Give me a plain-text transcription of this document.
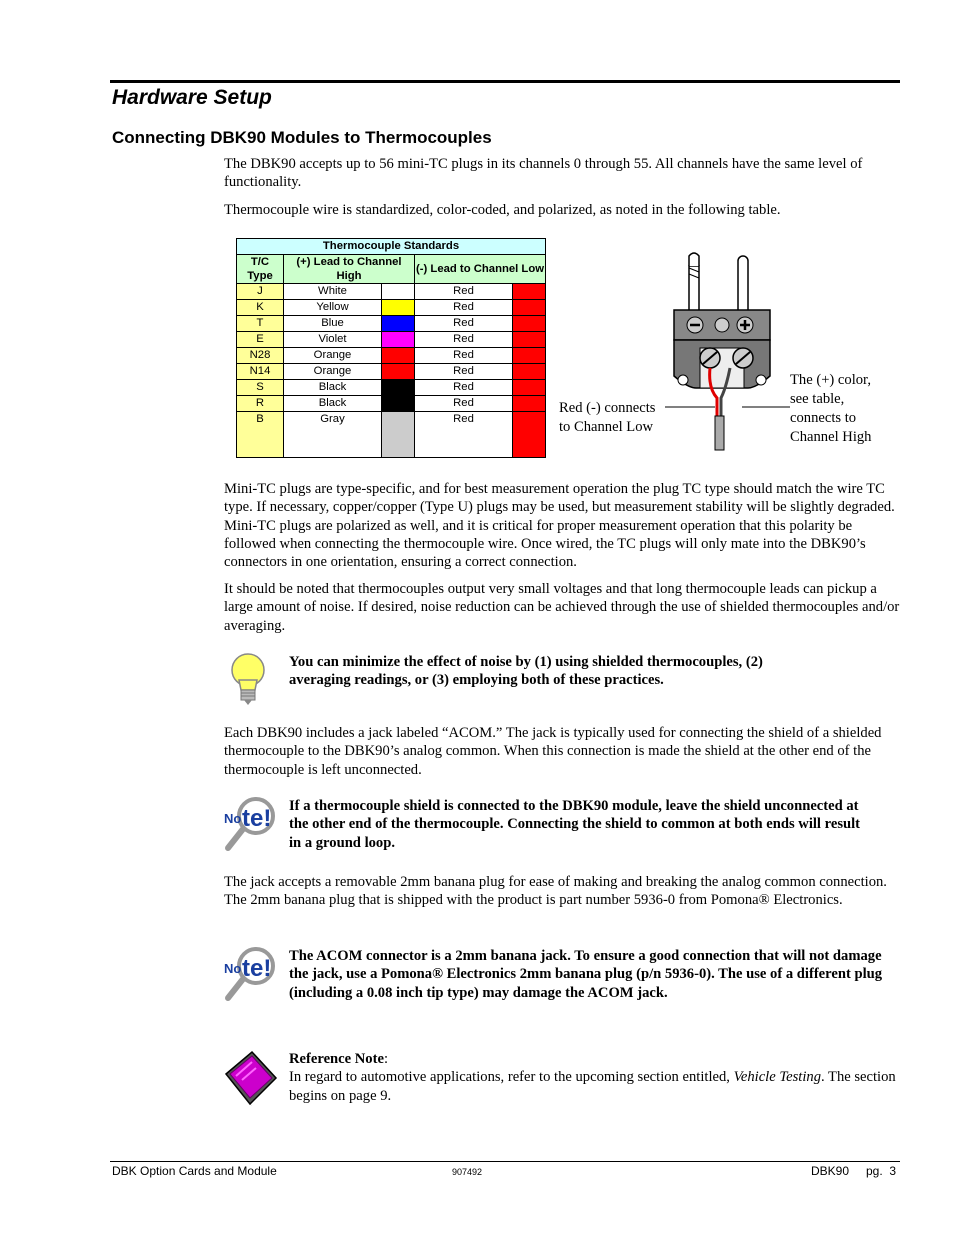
Hardware Setup
Connecting DBK90 Modules to Thermocouples

The DBK90 accepts up to 56 mini-TC plugs in its channels 0 through 55. All channels have the same level of functionality.

Thermocouple wire is standardized, color-coded, and polarized, as noted in the following table.

Thermocouple Standards				
T/C Type	(+) Lead to Channel High		(-) Lead to Channel Low	
J	White		Red	
K	Yellow		Red	
T	Blue		Red	
E	Violet		Red	
N28	Orange		Red	
N14	Orange		Red	
S	Black		Red	
R	Black		Red	
B	Gray		Red	
Red (-) connects to Channel Low
The (+) color, see table, connects to Channel High

Mini-TC plugs are type-specific, and for best measurement operation the plug TC type should match the wire TC type. If necessary, copper/copper (Type U) plugs may be used, but measurement stability will be slightly degraded. Mini-TC plugs are polarized as well, and it is critical for proper measurement operation that this polarity be followed when connecting the thermocouple wire. Once wired, the TC plugs will only mate into the DBK90’s connectors in one orientation, ensuring a correct connection.

It should be noted that thermocouples output very small voltages and that long thermocouple leads can pickup a large amount of noise. If desired, noise reduction can be achieved through the use of shielded thermocouples and/or averaging.

You can minimize the effect of noise by (1) using shielded thermocouples, (2) averaging readings, or (3) employing both of these practices.

Each DBK90 includes a jack labeled “ACOM.” The jack is typically used for connecting the shield of a shielded thermocouple to the DBK90’s analog common. When this connection is made the shield at the other end of the thermocouple is left unconnected.

No te! If a thermocouple shield is connected to the DBK90 module, leave the shield unconnected at the other end of the thermocouple. Connecting the shield to common at both ends will result in a ground loop.

The jack accepts a removable 2mm banana plug for ease of making and breaking the analog common connection. The 2mm banana plug that is shipped with the product is part number 5936-0 from Pomona® Electronics.

No te! The ACOM connector is a 2mm banana jack. To ensure a good connection that will not damage the jack, use a Pomona® Electronics 2mm banana plug (p/n 5936-0). The use of a different plug (including a 0.08 inch tip type) may damage the ACOM jack.

Reference Note:
In regard to automotive applications, refer to the upcoming section entitled, Vehicle Testing. The section begins on page 9.
DBK Option Cards and Module	907492	DBK90 pg.  3
